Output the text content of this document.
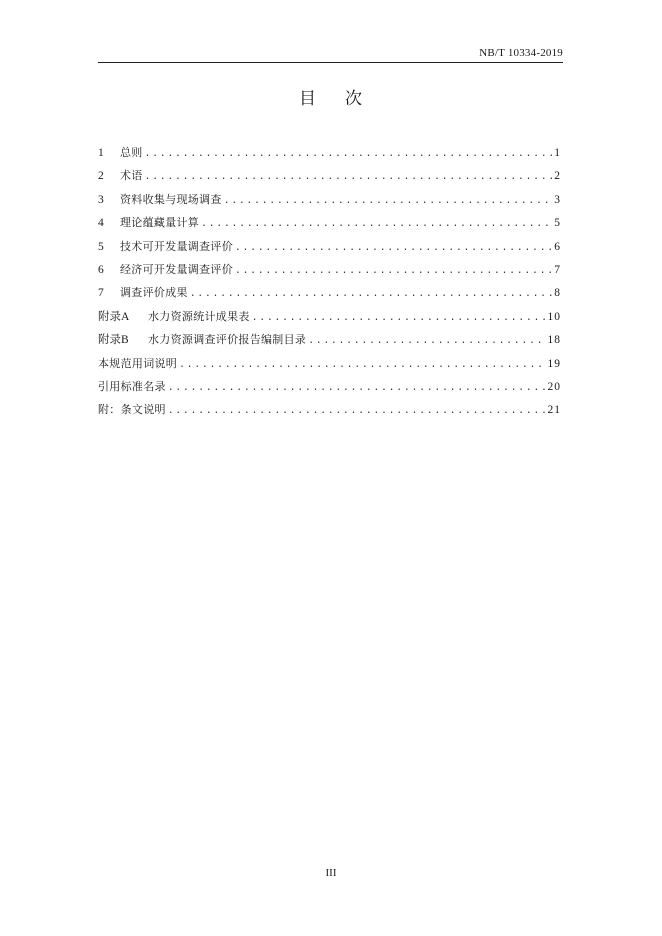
NB/T 10334-2019
目 次
1	总则 .....	1
2	术语 .....	2
3	资料收集与现场调查 .....	3
4	理论蕴藏量计算 .....	5
5	技术可开发量调查评价 .....	6
6	经济可开发量调查评价 .....	7
7	调查评价成果 .....	8
附录A	水力资源统计成果表 .....	10
附录B	水力资源调查评价报告编制目录 .....	18
本规范用词说明 .....	19
引用标准名录 .....	20
附：条文说明 .....	21
III
